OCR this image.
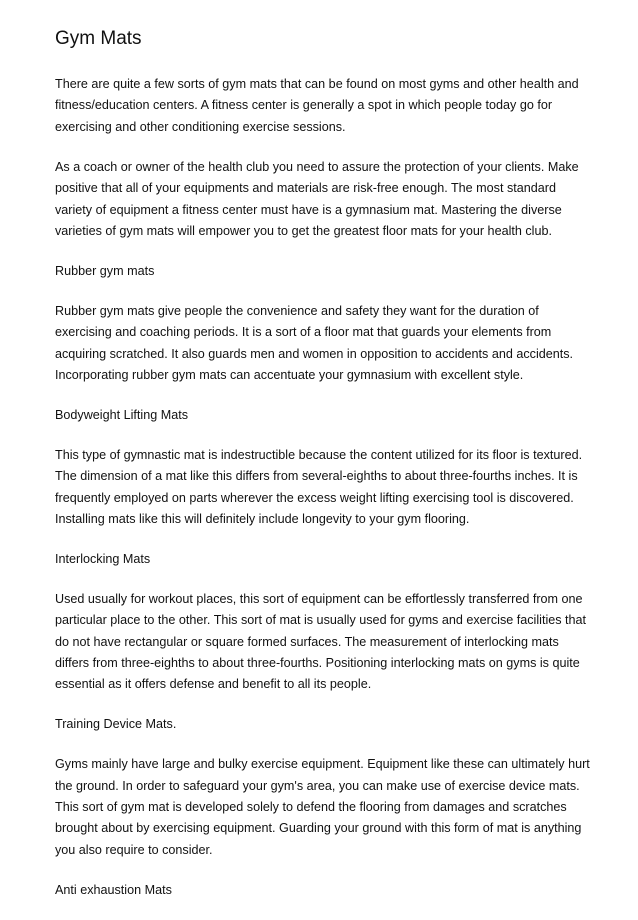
Gym Mats

There are quite a few sorts of gym mats that can be found on most gyms and other health and fitness/education centers. A fitness center is generally a spot in which people today go for exercising and other conditioning exercise sessions.

As a coach or owner of the health club you need to assure the protection of your clients. Make positive that all of your equipments and materials are risk-free enough. The most standard variety of equipment a fitness center must have is a gymnasium mat. Mastering the diverse varieties of gym mats will empower you to get the greatest floor mats for your health club.

Rubber gym mats

Rubber gym mats give people the convenience and safety they want for the duration of exercising and coaching periods. It is a sort of a floor mat that guards your elements from acquiring scratched. It also guards men and women in opposition to accidents and accidents. Incorporating rubber gym mats can accentuate your gymnasium with excellent style.

Bodyweight Lifting Mats

This type of gymnastic mat is indestructible because the content utilized for its floor is textured. The dimension of a mat like this differs from several-eighths to about three-fourths inches. It is frequently employed on parts wherever the excess weight lifting exercising tool is discovered. Installing mats like this will definitely include longevity to your gym flooring.

Interlocking Mats

Used usually for workout places, this sort of equipment can be effortlessly transferred from one particular place to the other. This sort of mat is usually used for gyms and exercise facilities that do not have rectangular or square formed surfaces. The measurement of interlocking mats differs from three-eighths to about three-fourths. Positioning interlocking mats on gyms is quite essential as it offers defense and benefit to all its people.

Training Device Mats.

Gyms mainly have large and bulky exercise equipment. Equipment like these can ultimately hurt the ground. In order to safeguard your gym's area, you can make use of exercise device mats. This sort of gym mat is developed solely to defend the flooring from damages and scratches brought about by exercising equipment. Guarding your ground with this form of mat is anything you also require to consider.

Anti exhaustion Mats
